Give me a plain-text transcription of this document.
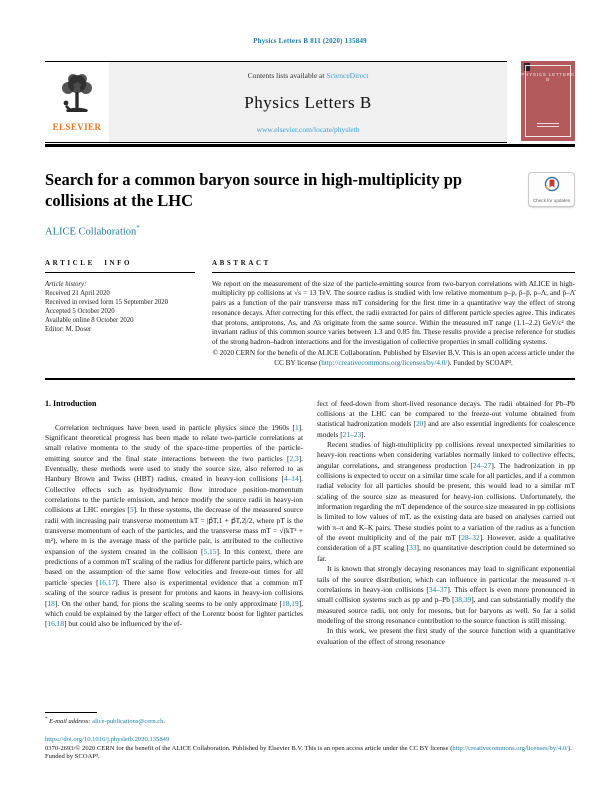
Physics Letters B 811 (2020) 135849
ELSEVIER
Contents lists available at ScienceDirect
Physics Letters B
www.elsevier.com/locate/physletb
PHYSICS LETTERS B
Search for a common baryon source in high-multiplicity pp collisions at the LHC	Check for updates
ALICE Collaboration*
ARTICLE INFO
Article history:
Received 21 April 2020
Received in revised form 15 September 2020
Accepted 5 October 2020
Available online 8 October 2020
Editor: M. Doser
ABSTRACT
We report on the measurement of the size of the particle-emitting source from two-baryon correlations with ALICE in high-multiplicity pp collisions at √s = 13 TeV. The source radius is studied with low relative momentum p–p, p̄–p̄, p–Λ, and p̄–Λ̄ pairs as a function of the pair transverse mass mT considering for the first time in a quantitative way the effect of strong resonance decays. After correcting for this effect, the radii extracted for pairs of different particle species agree. This indicates that protons, antiprotons, Λs, and Λ̄s originate from the same source. Within the measured mT range (1.1–2.2) GeV/c² the invariant radius of this common source varies between 1.3 and 0.85 fm. These results provide a precise reference for studies of the strong hadron–hadron interactions and for the investigation of collective properties in small colliding systems.
© 2020 CERN for the benefit of the ALICE Collaboration. Published by Elsevier B.V. This is an open access article under the CC BY license (http://creativecommons.org/licenses/by/4.0/). Funded by SCOAP³.
1. Introduction

Correlation techniques have been used in particle physics since the 1960s [1]. Significant theoretical progress has been made to relate two-particle correlations at small relative momenta to the study of the space-time properties of the particle-emitting source and the final state interactions between the two particles [2,3]. Eventually, these methods were used to study the source size, also referred to as Hanbury Brown and Twiss (HBT) radius, created in heavy-ion collisions [4–14]. Collective effects such as hydrodynamic flow introduce position-momentum correlations to the particle emission, and hence modify the source radii in heavy-ion collisions at LHC energies [5]. In these systems, the decrease of the measured source radii with increasing pair transverse momentum kT = |p⃗T,1 + p⃗T,2|/2, where pT is the transverse momentum of each of the particles, and the transverse mass mT = √(kT² + m²), where m is the average mass of the particle pair, is attributed to the collective expansion of the system created in the collision [5,15]. In this context, there are predictions of a common mT scaling of the radius for different particle pairs, which are based on the assumption of the same flow velocities and freeze-out times for all particle species [16,17]. There also is experimental evidence that a common mT scaling of the source radius is present for protons and kaons in heavy-ion collisions [18]. On the other hand, for pions the scaling seems to be only approximate [18,19], which could be explained by the larger effect of the Lorentz boost for lighter particles [16,18] but could also be influenced by the ef-

* E-mail address: alice-publications@cern.ch.

fect of feed-down from short-lived resonance decays. The radii obtained for Pb–Pb collisions at the LHC can be compared to the freeze-out volume obtained from statistical hadronization models [20] and are also essential ingredients for coalescence models [21–23].

Recent studies of high-multiplicity pp collisions reveal unexpected similarities to heavy-ion reactions when considering variables normally linked to collective effects, angular correlations, and strangeness production [24–27]. The hadronization in pp collisions is expected to occur on a similar time scale for all particles, and if a common radial velocity for all particles should be present, this would lead to a similar mT scaling of the source size as measured for heavy-ion collisions. Unfortunately, the information regarding the mT dependence of the source size measured in pp collisions is limited to low values of mT, as the existing data are based on analyses carried out with π–π and K–K pairs. These studies point to a variation of the radius as a function of the event multiplicity and of the pair mT [28–32]. However, aside a qualitative consideration of a βT scaling [33], no quantitative description could be determined so far.

It is known that strongly decaying resonances may lead to significant exponential tails of the source distribution, which can influence in particular the measured π–π correlations in heavy-ion collisions [34–37]. This effect is even more pronounced in small collision systems such as pp and p–Pb [38,39], and can substantially modify the measured source radii, not only for mesons, but for baryons as well. So far a solid modeling of the strong resonance contribution to the source function is still missing.

In this work, we present the first study of the source function with a quantitative evaluation of the effect of strong resonance

https://doi.org/10.1016/j.physletb.2020.135849
0370-2693/© 2020 CERN for the benefit of the ALICE Collaboration. Published by Elsevier B.V. This is an open access article under the CC BY license (http://creativecommons.org/licenses/by/4.0/). Funded by SCOAP³.
